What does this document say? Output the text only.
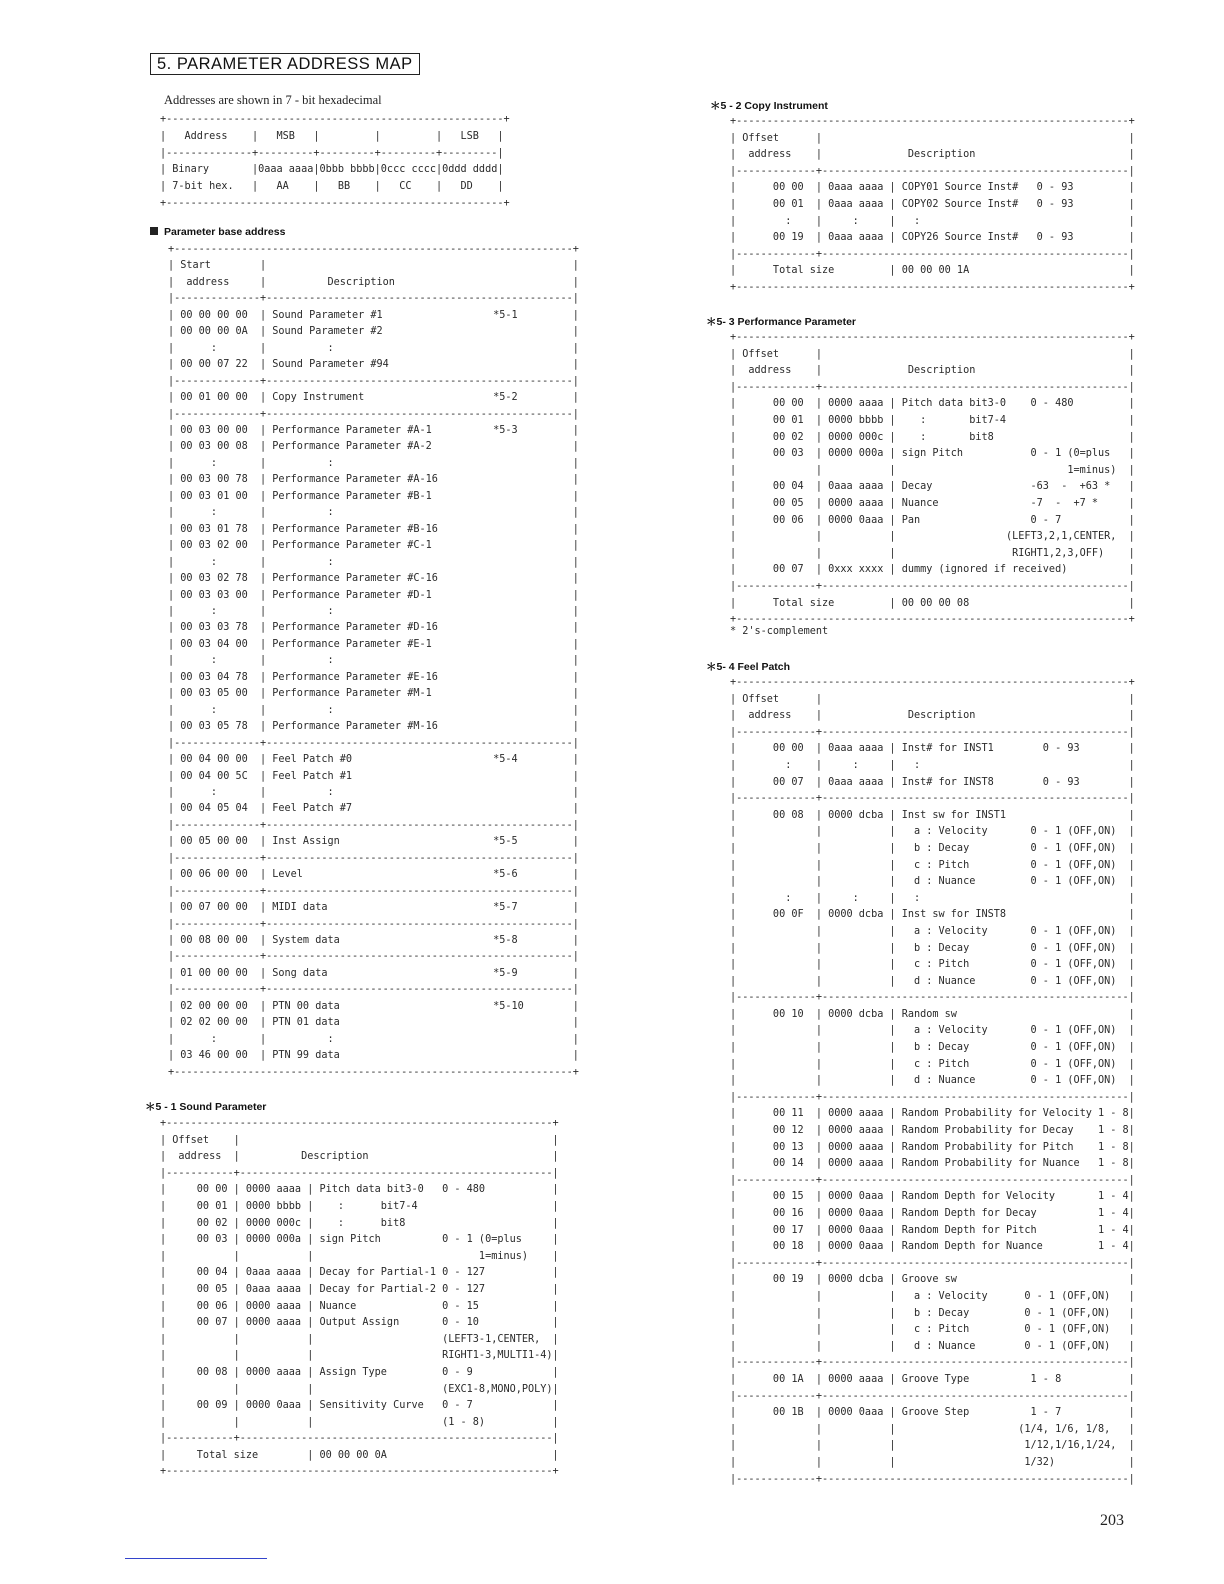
5. PARAMETER ADDRESS MAP
Addresses are shown in 7 - bit hexadecimal
+-------------------------------------------------------+
|   Address    |   MSB   |         |         |   LSB   |
|--------------+---------+---------+---------+---------|
| Binary       |0aaa aaaa|0bbb bbbb|0ccc cccc|0ddd dddd|
| 7-bit hex.   |   AA    |   BB    |   CC    |   DD    |
+-------------------------------------------------------+
Parameter base address
+-----------------------------------------------------------------+
| Start        |                                                  |
|  address     |          Description                             |
|--------------+--------------------------------------------------|
| 00 00 00 00  | Sound Parameter #1                  *5-1         |
| 00 00 00 0A  | Sound Parameter #2                               |
|      :       |          :                                       |
| 00 00 07 22  | Sound Parameter #94                              |
|--------------+--------------------------------------------------|
| 00 01 00 00  | Copy Instrument                     *5-2         |
|--------------+--------------------------------------------------|
| 00 03 00 00  | Performance Parameter #A-1          *5-3         |
| 00 03 00 08  | Performance Parameter #A-2                       |
|      :       |          :                                       |
| 00 03 00 78  | Performance Parameter #A-16                      |
| 00 03 01 00  | Performance Parameter #B-1                       |
|      :       |          :                                       |
| 00 03 01 78  | Performance Parameter #B-16                      |
| 00 03 02 00  | Performance Parameter #C-1                       |
|      :       |          :                                       |
| 00 03 02 78  | Performance Parameter #C-16                      |
| 00 03 03 00  | Performance Parameter #D-1                       |
|      :       |          :                                       |
| 00 03 03 78  | Performance Parameter #D-16                      |
| 00 03 04 00  | Performance Parameter #E-1                       |
|      :       |          :                                       |
| 00 03 04 78  | Performance Parameter #E-16                      |
| 00 03 05 00  | Performance Parameter #M-1                       |
|      :       |          :                                       |
| 00 03 05 78  | Performance Parameter #M-16                      |
|--------------+--------------------------------------------------|
| 00 04 00 00  | Feel Patch #0                       *5-4         |
| 00 04 00 5C  | Feel Patch #1                                    |
|      :       |          :                                       |
| 00 04 05 04  | Feel Patch #7                                    |
|--------------+--------------------------------------------------|
| 00 05 00 00  | Inst Assign                         *5-5         |
|--------------+--------------------------------------------------|
| 00 06 00 00  | Level                               *5-6         |
|--------------+--------------------------------------------------|
| 00 07 00 00  | MIDI data                           *5-7         |
|--------------+--------------------------------------------------|
| 00 08 00 00  | System data                         *5-8         |
|--------------+--------------------------------------------------|
| 01 00 00 00  | Song data                           *5-9         |
|--------------+--------------------------------------------------|
| 02 00 00 00  | PTN 00 data                         *5-10        |
| 02 02 00 00  | PTN 01 data                                      |
|      :       |          :                                       |
| 03 46 00 00  | PTN 99 data                                      |
+-----------------------------------------------------------------+
＊5 - 1 Sound Parameter
+---------------------------------------------------------------+
| Offset    |                                                   |
|  address  |          Description                              |
|-----------+---------------------------------------------------|
|     00 00 | 0000 aaaa | Pitch data bit3-0   0 - 480           |
|     00 01 | 0000 bbbb |    :      bit7-4                      |
|     00 02 | 0000 000c |    :      bit8                        |
|     00 03 | 0000 000a | sign Pitch          0 - 1 (0=plus     |
|           |           |                           1=minus)    |
|     00 04 | 0aaa aaaa | Decay for Partial-1 0 - 127           |
|     00 05 | 0aaa aaaa | Decay for Partial-2 0 - 127           |
|     00 06 | 0000 aaaa | Nuance              0 - 15            |
|     00 07 | 0000 aaaa | Output Assign       0 - 10            |
|           |           |                     (LEFT3-1,CENTER,  |
|           |           |                     RIGHT1-3,MULTI1-4)|
|     00 08 | 0000 aaaa | Assign Type         0 - 9             |
|           |           |                     (EXC1-8,MONO,POLY)|
|     00 09 | 0000 0aaa | Sensitivity Curve   0 - 7             |
|           |           |                     (1 - 8)           |
|-----------+---------------------------------------------------|
|     Total size        | 00 00 00 0A                           |
+---------------------------------------------------------------+
＊5 - 2 Copy Instrument
+----------------------------------------------------------------+
| Offset      |                                                  |
|  address    |              Description                         |
|-------------+--------------------------------------------------|
|      00 00  | 0aaa aaaa | COPY01 Source Inst#   0 - 93         |
|      00 01  | 0aaa aaaa | COPY02 Source Inst#   0 - 93         |
|        :    |     :     |   :                                  |
|      00 19  | 0aaa aaaa | COPY26 Source Inst#   0 - 93         |
|-------------+--------------------------------------------------|
|      Total size         | 00 00 00 1A                          |
+----------------------------------------------------------------+
＊5- 3 Performance Parameter
+----------------------------------------------------------------+
| Offset      |                                                  |
|  address    |              Description                         |
|-------------+--------------------------------------------------|
|      00 00  | 0000 aaaa | Pitch data bit3-0    0 - 480         |
|      00 01  | 0000 bbbb |    :       bit7-4                    |
|      00 02  | 0000 000c |    :       bit8                      |
|      00 03  | 0000 000a | sign Pitch           0 - 1 (0=plus   |
|             |           |                            1=minus)  |
|      00 04  | 0aaa aaaa | Decay                -63  -  +63 *   |
|      00 05  | 0000 aaaa | Nuance               -7  -  +7 *     |
|      00 06  | 0000 0aaa | Pan                  0 - 7           |
|             |           |                  (LEFT3,2,1,CENTER,  |
|             |           |                   RIGHT1,2,3,OFF)    |
|      00 07  | 0xxx xxxx | dummy (ignored if received)          |
|-------------+--------------------------------------------------|
|      Total size         | 00 00 00 08                          |
+----------------------------------------------------------------+
* 2's-complement
＊5- 4 Feel Patch
+----------------------------------------------------------------+
| Offset      |                                                  |
|  address    |              Description                         |
|-------------+--------------------------------------------------|
|      00 00  | 0aaa aaaa | Inst# for INST1        0 - 93        |
|        :    |     :     |   :                                  |
|      00 07  | 0aaa aaaa | Inst# for INST8        0 - 93        |
|-------------+--------------------------------------------------|
|      00 08  | 0000 dcba | Inst sw for INST1                    |
|             |           |   a : Velocity       0 - 1 (OFF,ON)  |
|             |           |   b : Decay          0 - 1 (OFF,ON)  |
|             |           |   c : Pitch          0 - 1 (OFF,ON)  |
|             |           |   d : Nuance         0 - 1 (OFF,ON)  |
|        :    |     :     |   :                                  |
|      00 0F  | 0000 dcba | Inst sw for INST8                    |
|             |           |   a : Velocity       0 - 1 (OFF,ON)  |
|             |           |   b : Decay          0 - 1 (OFF,ON)  |
|             |           |   c : Pitch          0 - 1 (OFF,ON)  |
|             |           |   d : Nuance         0 - 1 (OFF,ON)  |
|-------------+--------------------------------------------------|
|      00 10  | 0000 dcba | Random sw                            |
|             |           |   a : Velocity       0 - 1 (OFF,ON)  |
|             |           |   b : Decay          0 - 1 (OFF,ON)  |
|             |           |   c : Pitch          0 - 1 (OFF,ON)  |
|             |           |   d : Nuance         0 - 1 (OFF,ON)  |
|-------------+--------------------------------------------------|
|      00 11  | 0000 aaaa | Random Probability for Velocity 1 - 8|
|      00 12  | 0000 aaaa | Random Probability for Decay    1 - 8|
|      00 13  | 0000 aaaa | Random Probability for Pitch    1 - 8|
|      00 14  | 0000 aaaa | Random Probability for Nuance   1 - 8|
|-------------+--------------------------------------------------|
|      00 15  | 0000 0aaa | Random Depth for Velocity       1 - 4|
|      00 16  | 0000 0aaa | Random Depth for Decay          1 - 4|
|      00 17  | 0000 0aaa | Random Depth for Pitch          1 - 4|
|      00 18  | 0000 0aaa | Random Depth for Nuance         1 - 4|
|-------------+--------------------------------------------------|
|      00 19  | 0000 dcba | Groove sw                            |
|             |           |   a : Velocity      0 - 1 (OFF,ON)   |
|             |           |   b : Decay         0 - 1 (OFF,ON)   |
|             |           |   c : Pitch         0 - 1 (OFF,ON)   |
|             |           |   d : Nuance        0 - 1 (OFF,ON)   |
|-------------+--------------------------------------------------|
|      00 1A  | 0000 aaaa | Groove Type          1 - 8           |
|-------------+--------------------------------------------------|
|      00 1B  | 0000 0aaa | Groove Step          1 - 7           |
|             |           |                    (1/4, 1/6, 1/8,   |
|             |           |                     1/12,1/16,1/24,  |
|             |           |                     1/32)            |
|-------------+--------------------------------------------------|
203
